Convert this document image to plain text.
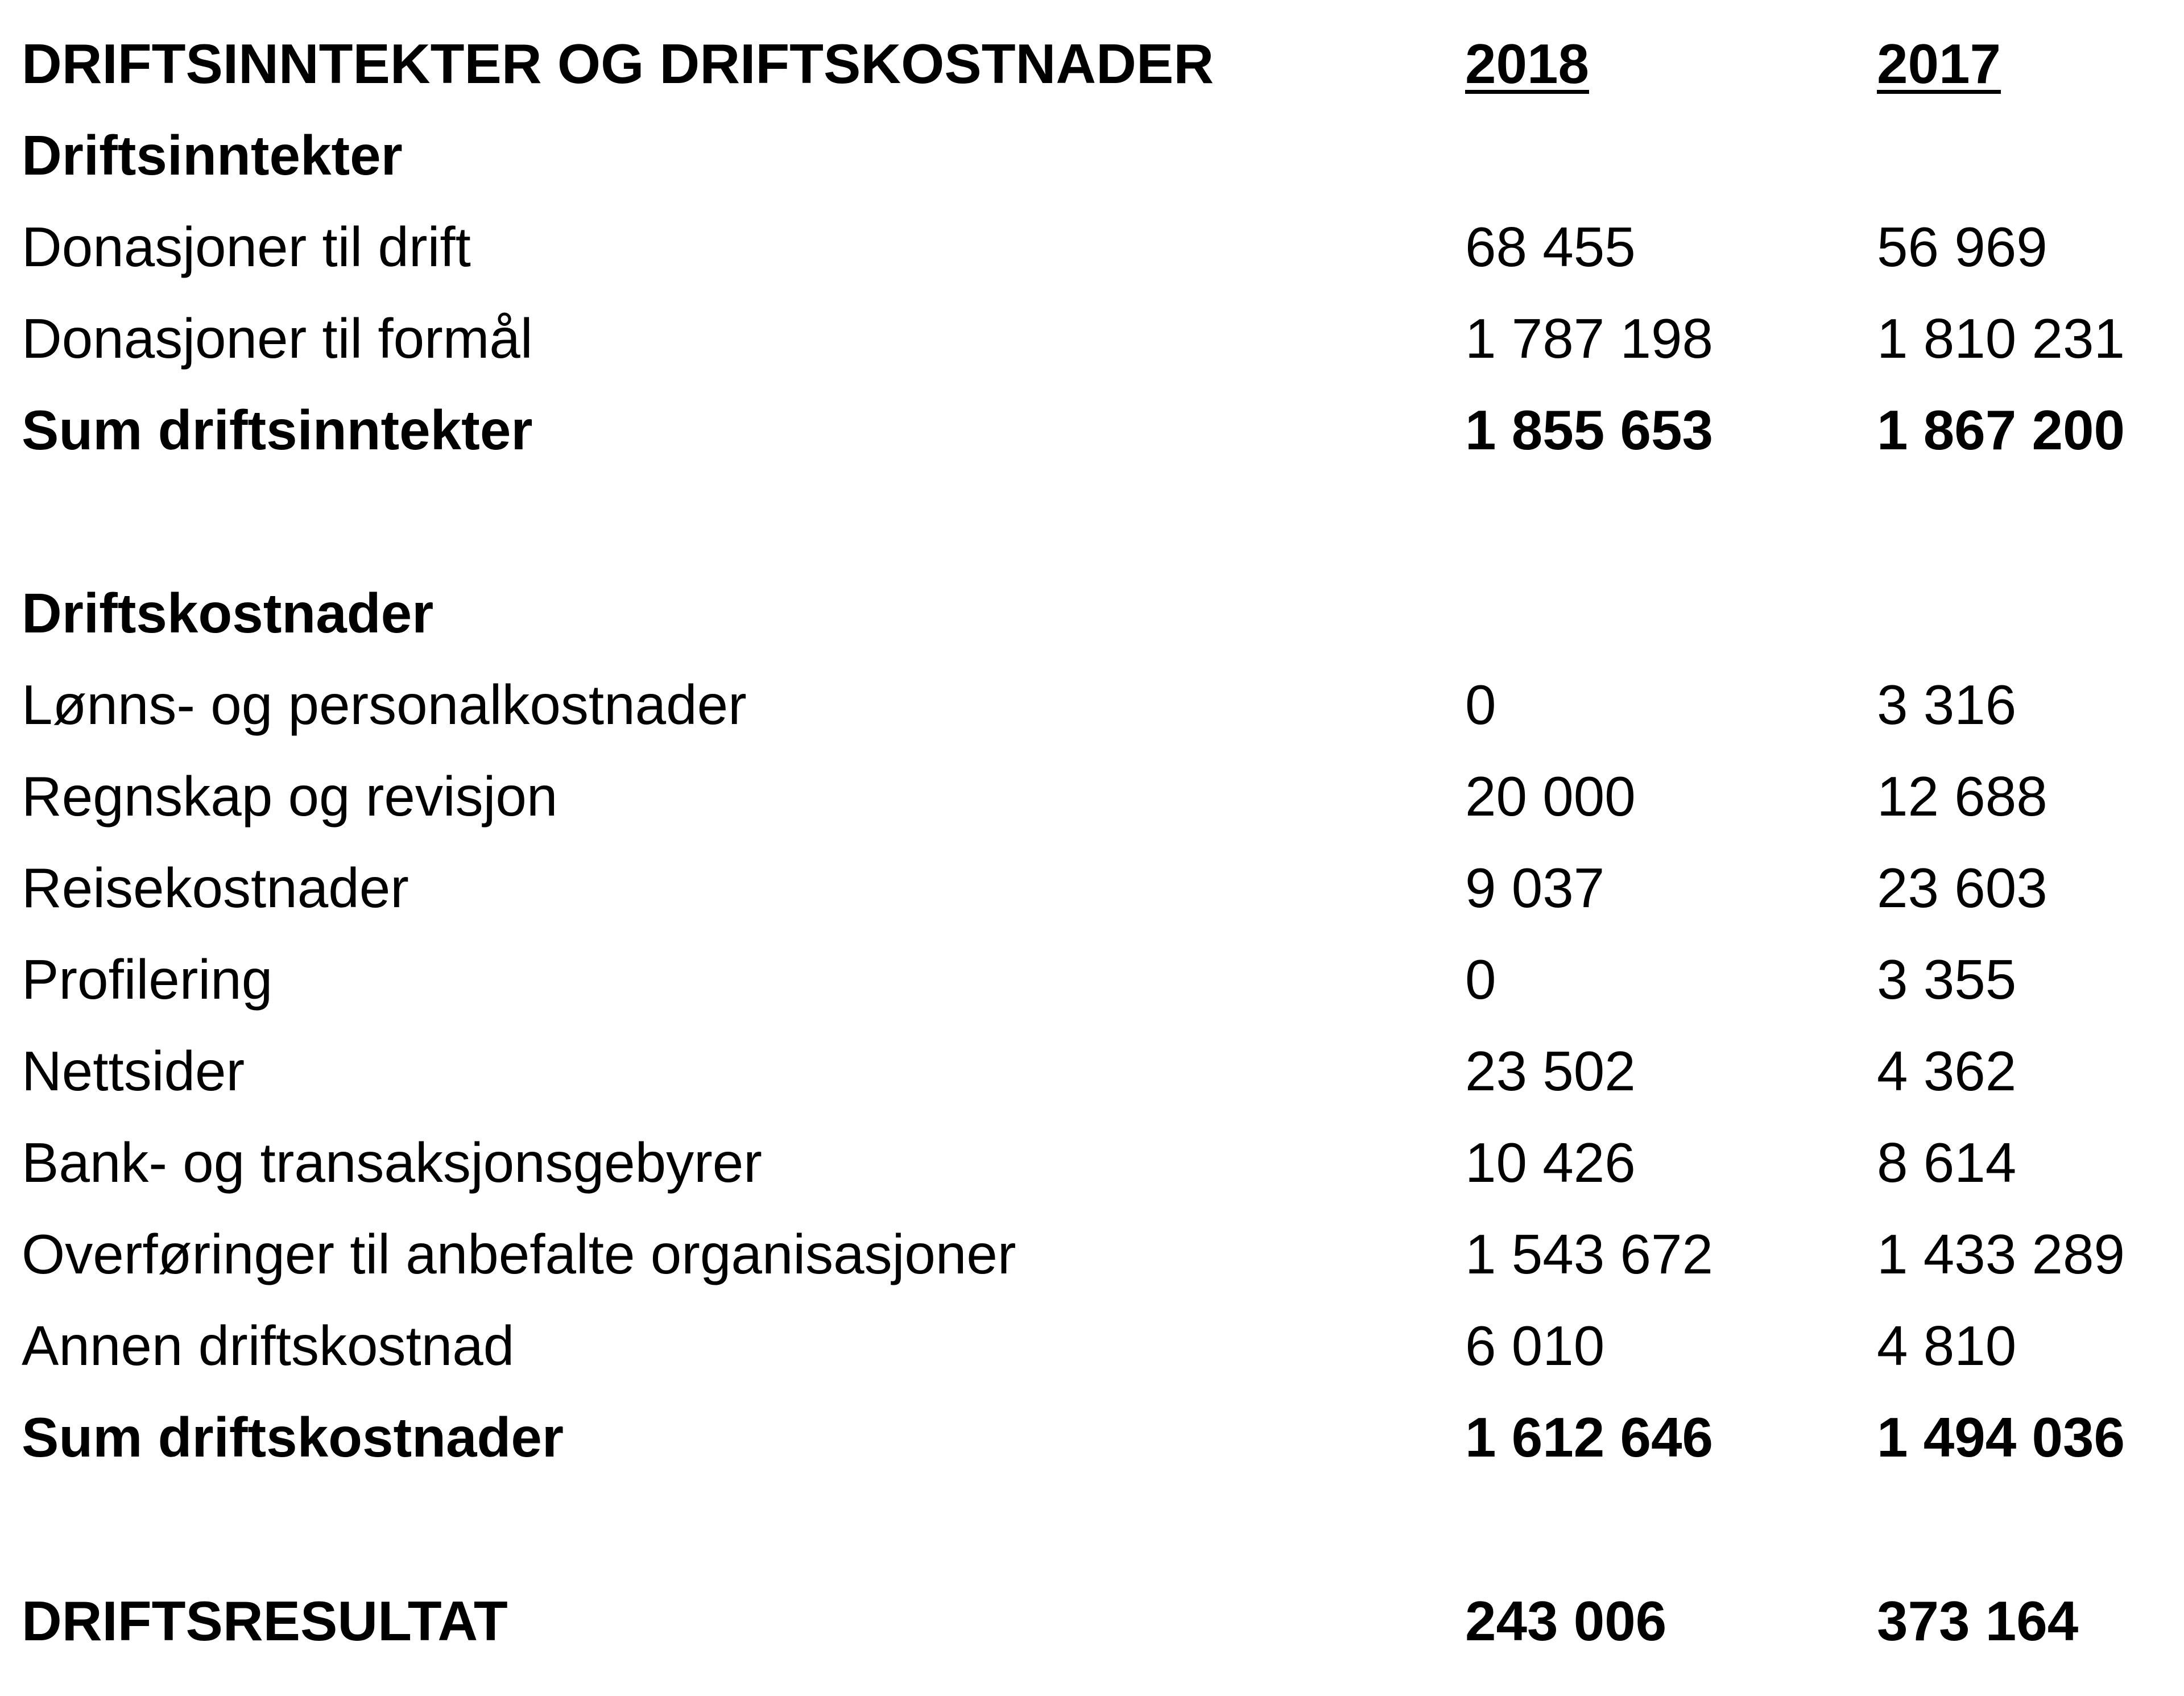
DRIFTSINNTEKTER OG DRIFTSKOSTNADER	2018	2017
Driftsinntekter
Donasjoner til drift	68 455	56 969
Donasjoner til formål	1 787 198	1 810 231
Sum driftsinntekter	1 855 653	1 867 200
Driftskostnader
Lønns- og personalkostnader	0	3 316
Regnskap og revisjon	20 000	12 688
Reisekostnader	9 037	23 603
Profilering	0	3 355
Nettsider	23 502	4 362
Bank- og transaksjonsgebyrer	10 426	8 614
Overføringer til anbefalte organisasjoner	1 543 672	1 433 289
Annen driftskostnad	6 010	4 810
Sum driftskostnader	1 612 646	1 494 036
DRIFTSRESULTAT	243 006	373 164
